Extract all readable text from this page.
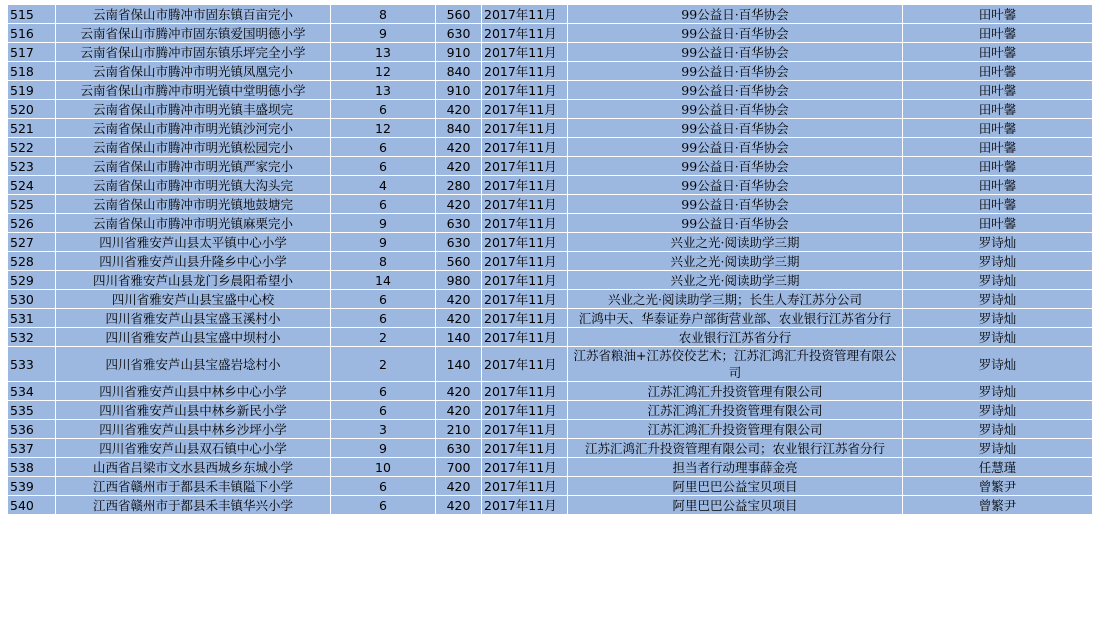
515	云南省保山市腾冲市固东镇百亩完小	8	560	2017年11月	99公益日·百华协会	田叶馨
516	云南省保山市腾冲市固东镇爱国明德小学	9	630	2017年11月	99公益日·百华协会	田叶馨
517	云南省保山市腾冲市固东镇乐坪完全小学	13	910	2017年11月	99公益日·百华协会	田叶馨
518	云南省保山市腾冲市明光镇凤凰完小	12	840	2017年11月	99公益日·百华协会	田叶馨
519	云南省保山市腾冲市明光镇中堂明德小学	13	910	2017年11月	99公益日·百华协会	田叶馨
520	云南省保山市腾冲市明光镇丰盛坝完	6	420	2017年11月	99公益日·百华协会	田叶馨
521	云南省保山市腾冲市明光镇沙河完小	12	840	2017年11月	99公益日·百华协会	田叶馨
522	云南省保山市腾冲市明光镇松园完小	6	420	2017年11月	99公益日·百华协会	田叶馨
523	云南省保山市腾冲市明光镇严家完小	6	420	2017年11月	99公益日·百华协会	田叶馨
524	云南省保山市腾冲市明光镇大沟头完	4	280	2017年11月	99公益日·百华协会	田叶馨
525	云南省保山市腾冲市明光镇地鼓塘完	6	420	2017年11月	99公益日·百华协会	田叶馨
526	云南省保山市腾冲市明光镇麻栗完小	9	630	2017年11月	99公益日·百华协会	田叶馨
527	四川省雅安芦山县太平镇中心小学	9	630	2017年11月	兴业之光·阅读助学三期	罗诗灿
528	四川省雅安芦山县升隆乡中心小学	8	560	2017年11月	兴业之光·阅读助学三期	罗诗灿
529	四川省雅安芦山县龙门乡晨阳希望小	14	980	2017年11月	兴业之光·阅读助学三期	罗诗灿
530	四川省雅安芦山县宝盛中心校	6	420	2017年11月	兴业之光·阅读助学三期；长生人寿江苏分公司	罗诗灿
531	四川省雅安芦山县宝盛玉溪村小	6	420	2017年11月	汇鸿中天、华泰证券户部街营业部、农业银行江苏省分行	罗诗灿
532	四川省雅安芦山县宝盛中坝村小	2	140	2017年11月	农业银行江苏省分行	罗诗灿
533	四川省雅安芦山县宝盛岩埝村小	2	140	2017年11月	江苏省粮油+江苏佼佼艺术；江苏汇鸿汇升投资管理有限公司	罗诗灿
534	四川省雅安芦山县中林乡中心小学	6	420	2017年11月	江苏汇鸿汇升投资管理有限公司	罗诗灿
535	四川省雅安芦山县中林乡新民小学	6	420	2017年11月	江苏汇鸿汇升投资管理有限公司	罗诗灿
536	四川省雅安芦山县中林乡沙坪小学	3	210	2017年11月	江苏汇鸿汇升投资管理有限公司	罗诗灿
537	四川省雅安芦山县双石镇中心小学	9	630	2017年11月	江苏汇鸿汇升投资管理有限公司；农业银行江苏省分行	罗诗灿
538	山西省吕梁市文水县西城乡东城小学	10	700	2017年11月	担当者行动理事薛金亮	任慧瑾
539	江西省赣州市于都县禾丰镇隘下小学	6	420	2017年11月	阿里巴巴公益宝贝项目	曾繁尹
540	江西省赣州市于都县禾丰镇华兴小学	6	420	2017年11月	阿里巴巴公益宝贝项目	曾繁尹
